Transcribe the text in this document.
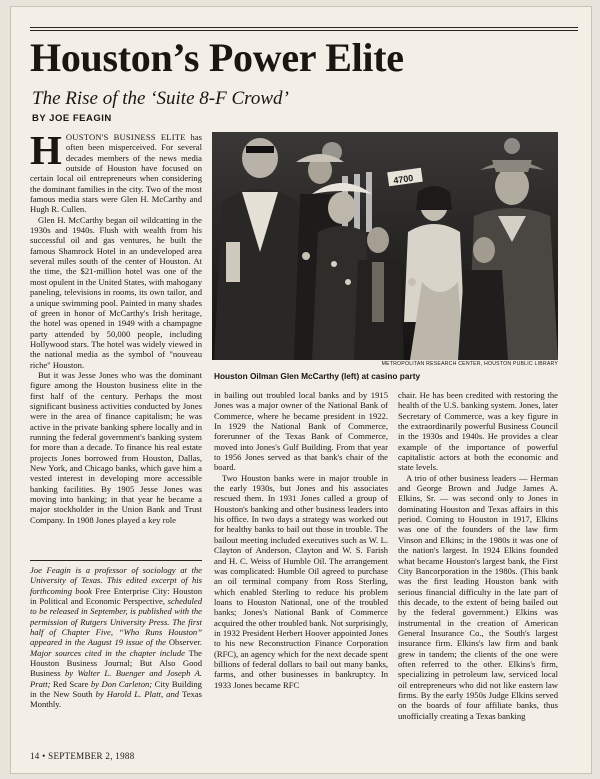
Houston’s Power Elite
The Rise of the ‘Suite 8-F Crowd’
BY JOE FEAGIN

HOUSTON'S BUSINESS ELITE has often been misperceived. For several decades members of the news media outside of Houston have focused on certain local oil entrepreneurs when considering the dominant families in the city. Two of the most famous media stars were Glen H. McCarthy and Hugh R. Cullen.

Glen H. McCarthy began oil wildcatting in the 1930s and 1940s. Flush with wealth from his successful oil and gas ventures, he built the famous Shamrock Hotel in an undeveloped area several miles south of the center of Houston. At the time, the $21-million hotel was one of the most opulent in the United States, with mahogany paneling, televisions in rooms, its own tailor, and a unique swimming pool. Painted in many shades of green in honor of McCarthy's Irish heritage, the hotel was opened in 1949 with a champagne party attended by 50,000 people, including Hollywood stars. The hotel was widely viewed in the national media as the symbol of "nouveau riche" Houston.

But it was Jesse Jones who was the dominant figure among the Houston business elite in the first half of the century. Perhaps the most significant business activities conducted by Jones were in the area of finance capitalism; he was active in the private banking sphere locally and in running the federal government's banking system for more than a decade. To finance his real estate projects Jones borrowed from Houston, Dallas, New York, and Chicago banks, which gave him a vested interest in developing more accessible banking facilities. By 1905 Jesse Jones was moving into banking; in that year he became a major stockholder in the Union Bank and Trust Company. In 1908 Jones played a key role

Joe Feagin is a professor of sociology at the University of Texas. This edited excerpt of his forthcoming book Free Enterprise City: Houston in Political and Economic Perspective, scheduled to be released in September, is published with the permission of Rutgers University Press. The first half of Chapter Five, “Who Runs Houston” appeared in the August 19 issue of the Observer. Major sources cited in the chapter include The Houston Business Journal; But Also Good Business by Walter L. Buenger and Joseph A. Pratt; Red Scare by Don Carleton; City Building in the New South by Harold L. Platt, and Texas Monthly.
4700
METROPOLITAN RESEARCH CENTER, HOUSTON PUBLIC LIBRARY
Houston Oilman Glen McCarthy (left) at casino party

in bailing out troubled local banks and by 1915 Jones was a major owner of the National Bank of Commerce, where he became president in 1922. In 1929 the National Bank of Commerce, forerunner of the Texas Bank of Commerce, moved into Jones's Gulf Building. From that year to 1956 Jones served as that bank's chair of the board.

Two Houston banks were in major trouble in the early 1930s, but Jones and his associates rescued them. In 1931 Jones called a group of Houston's banking and other business leaders into his office. In two days a strategy was worked out for healthy banks to bail out those in trouble. The bailout meeting included executives such as W. L. Clayton of Anderson, Clayton and W. S. Farish and H. C. Weiss of Humble Oil. The arrangement was complicated: Humble Oil agreed to purchase an oil terminal company from Ross Sterling, which enabled Sterling to reduce his problem loans to Houston National, one of the troubled banks; Jones's National Bank of Commerce acquired the other troubled bank. Not surprisingly, in 1932 President Herbert Hoover appointed Jones to his new Reconstruction Finance Corporation (RFC), an agency which for the next decade spent billions of federal dollars to bail out many banks, farms, and other businesses in bankruptcy. In 1933 Jones became RFC

chair. He has been credited with restoring the health of the U.S. banking system. Jones, later Secretary of Commerce, was a key figure in the extraordinarily powerful Business Council in the 1930s and 1940s. He provides a clear example of the importance of powerful capitalistic actors at both the economic and state levels.

A trio of other business leaders — Herman and George Brown and Judge James A. Elkins, Sr. — was second only to Jones in dominating Houston and Texas affairs in this period. Coming to Houston in 1917, Elkins was one of the founders of the law firm Vinson and Elkins; in the 1980s it was one of the nation's largest. In 1924 Elkins founded what became Houston's largest bank, the First City Bancorporation in the 1980s. (This bank was the first leading Houston bank with serious financial difficulty in the late part of this decade, to the extent of being bailed out by the federal government.) Elkins was instrumental in the creation of American General Insurance Co., the South's largest insurance firm. Elkins's law firm and bank grew in tandem; the clients of the one were often referred to the other. Elkins's firm, specializing in petroleum law, serviced local oil entrepreneurs who did not like eastern law firms. By the early 1950s Judge Elkins served on the boards of four affiliate banks, thus unofficially creating a Texas banking

14 • SEPTEMBER 2, 1988
